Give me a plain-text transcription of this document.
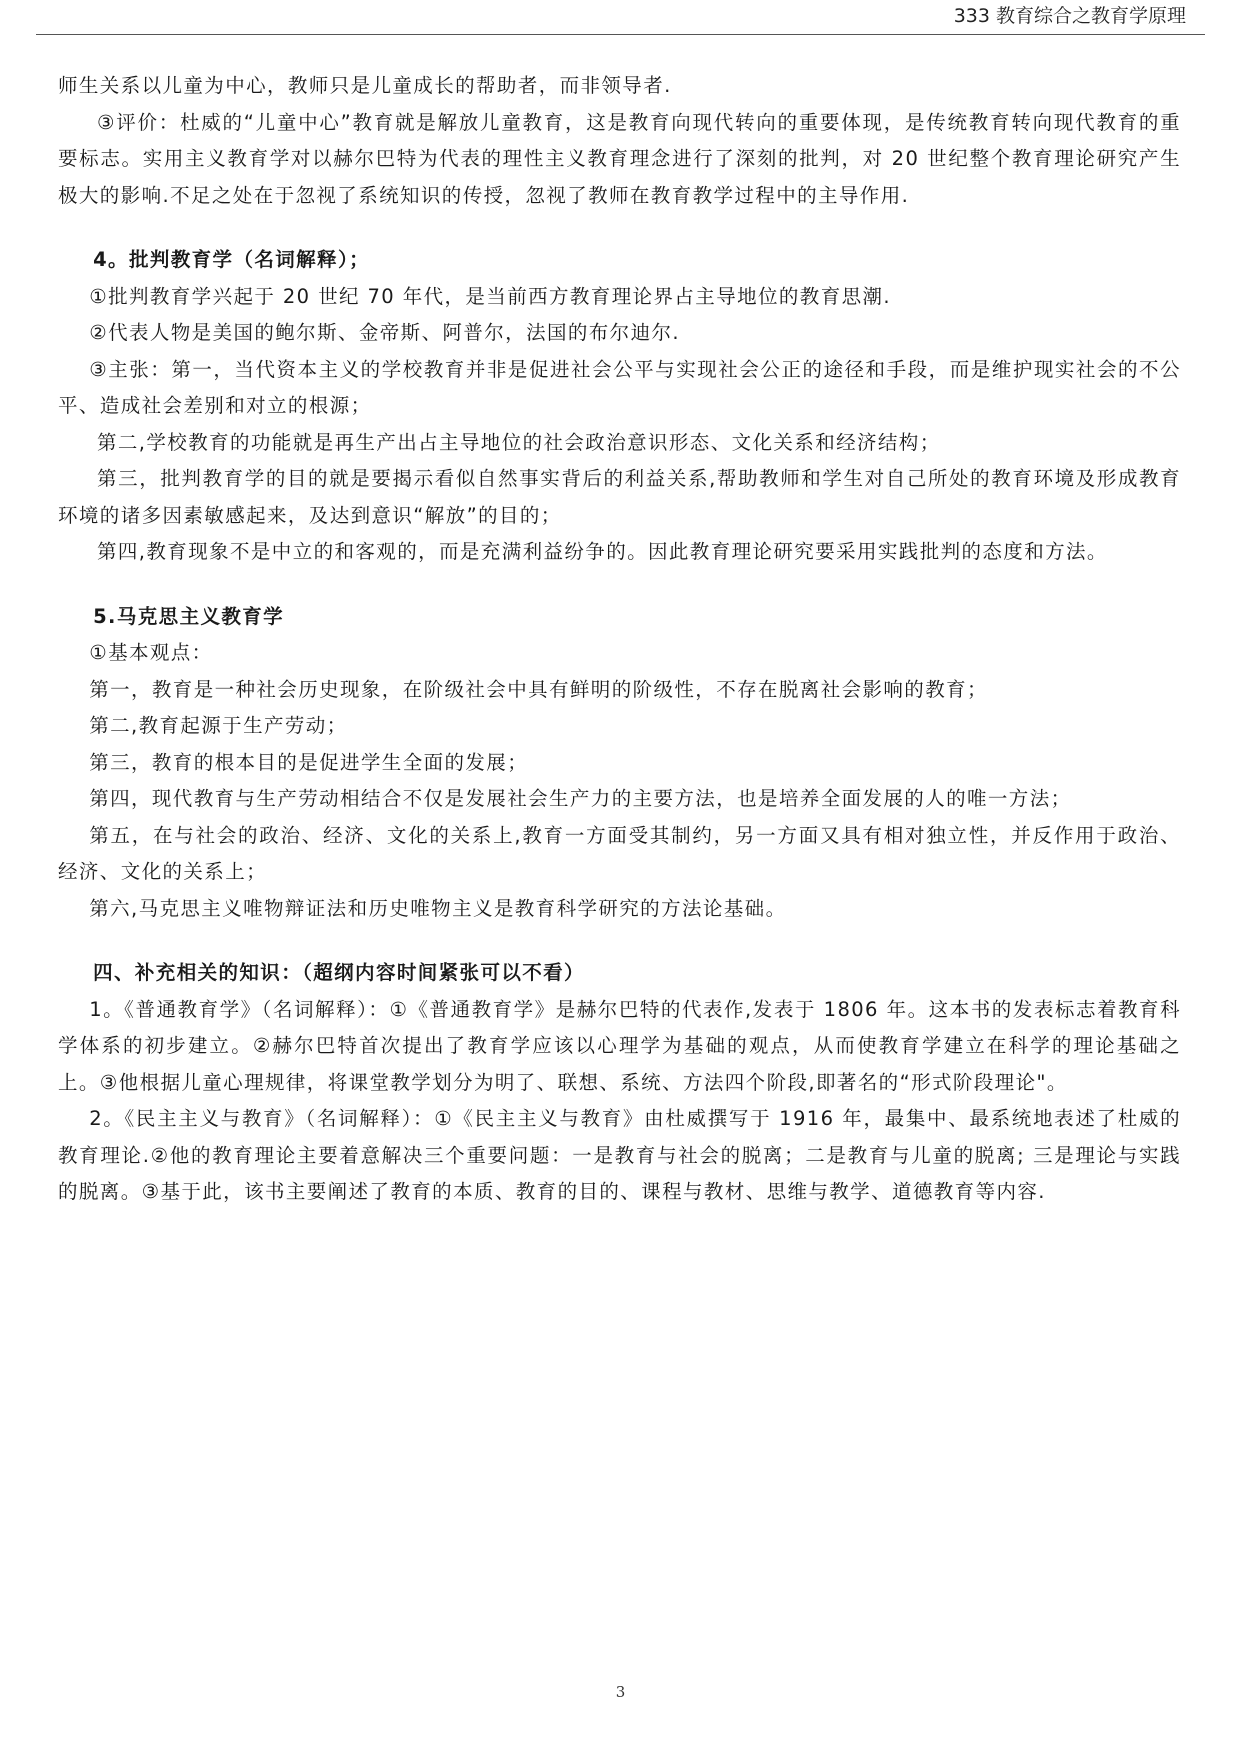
333 教育综合之教育学原理

师生关系以儿童为中心，教师只是儿童成长的帮助者，而非领导者.

③评价：杜威的“儿童中心”教育就是解放儿童教育，这是教育向现代转向的重要体现，是传统教育转向现代教育的重要标志。实用主义教育学对以赫尔巴特为代表的理性主义教育理念进行了深刻的批判，对 20 世纪整个教育理论研究产生极大的影响.不足之处在于忽视了系统知识的传授，忽视了教师在教育教学过程中的主导作用.

4。批判教育学（名词解释）；

①批判教育学兴起于 20 世纪 70 年代，是当前西方教育理论界占主导地位的教育思潮.

②代表人物是美国的鲍尔斯、金帝斯、阿普尔，法国的布尔迪尔.

③主张：第一，当代资本主义的学校教育并非是促进社会公平与实现社会公正的途径和手段，而是维护现实社会的不公平、造成社会差别和对立的根源；

第二,学校教育的功能就是再生产出占主导地位的社会政治意识形态、文化关系和经济结构；

第三，批判教育学的目的就是要揭示看似自然事实背后的利益关系,帮助教师和学生对自己所处的教育环境及形成教育环境的诸多因素敏感起来，及达到意识“解放”的目的；

第四,教育现象不是中立的和客观的，而是充满利益纷争的。因此教育理论研究要采用实践批判的态度和方法。

5.马克思主义教育学

①基本观点：

第一，教育是一种社会历史现象，在阶级社会中具有鲜明的阶级性，不存在脱离社会影响的教育；

第二,教育起源于生产劳动；

第三，教育的根本目的是促进学生全面的发展；

第四，现代教育与生产劳动相结合不仅是发展社会生产力的主要方法，也是培养全面发展的人的唯一方法；

第五，在与社会的政治、经济、文化的关系上,教育一方面受其制约，另一方面又具有相对独立性，并反作用于政治、经济、文化的关系上；

第六,马克思主义唯物辩证法和历史唯物主义是教育科学研究的方法论基础。

四、补充相关的知识：（超纲内容时间紧张可以不看）

1。《普通教育学》（名词解释）：①《普通教育学》是赫尔巴特的代表作,发表于 1806 年。这本书的发表标志着教育科学体系的初步建立。②赫尔巴特首次提出了教育学应该以心理学为基础的观点，从而使教育学建立在科学的理论基础之上。③他根据儿童心理规律，将课堂教学划分为明了、联想、系统、方法四个阶段,即著名的“形式阶段理论"。

2。《民主主义与教育》（名词解释）：①《民主主义与教育》由杜威撰写于 1916 年，最集中、最系统地表述了杜威的教育理论.②他的教育理论主要着意解决三个重要问题：一是教育与社会的脱离；二是教育与儿童的脱离; 三是理论与实践的脱离。③基于此，该书主要阐述了教育的本质、教育的目的、课程与教材、思维与教学、道德教育等内容.

3
